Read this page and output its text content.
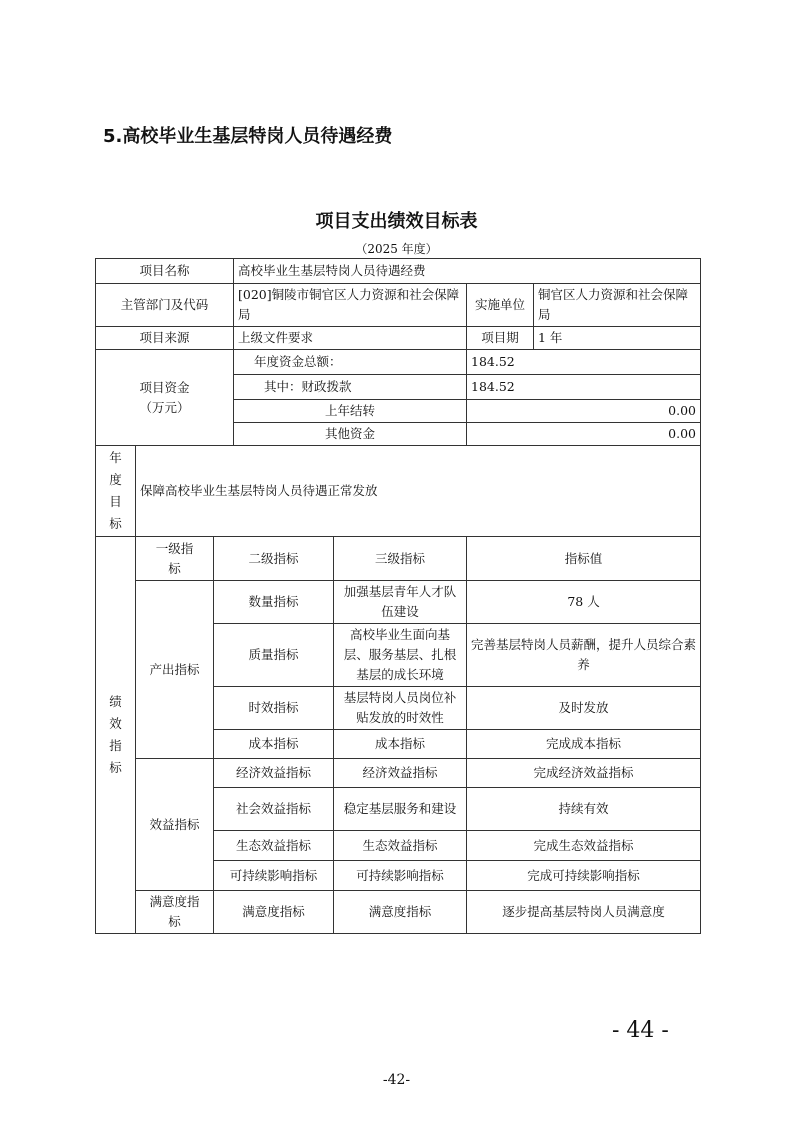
5.高校毕业生基层特岗人员待遇经费
项目支出绩效目标表
（2025 年度）
项目名称			高校毕业生基层特岗人员待遇经费			
主管部门及代码			[020]铜陵市铜官区人力资源和社会保障局		实施单位	铜官区人力资源和社会保障局
项目来源			上级文件要求		项目期	1 年
项目资金
（万元）			年度资金总额：		184.52	
			其中：财政拨款		184.52	
			上年结转		0.00	
			其他资金		0.00	

年度目标	保障高校毕业生基层特岗人员待遇正常发放					

绩效指标	一级指标	二级指标		三级指标	指标值	
	产出指标	数量指标		加强基层青年人才队伍建设	78 人	
		质量指标		高校毕业生面向基层、服务基层、扎根基层的成长环境	完善基层特岗人员薪酬，提升人员综合素养	
		时效指标		基层特岗人员岗位补贴发放的时效性	及时发放	
		成本指标		成本指标	完成成本指标	
	效益指标	经济效益指标		经济效益指标	完成经济效益指标	
		社会效益指标		稳定基层服务和建设	持续有效	
		生态效益指标		生态效益指标	完成生态效益指标	
		可持续影响指标		可持续影响指标	完成可持续影响指标	
	满意度指标	满意度指标		满意度指标	逐步提高基层特岗人员满意度	
- 44 -
-42-
